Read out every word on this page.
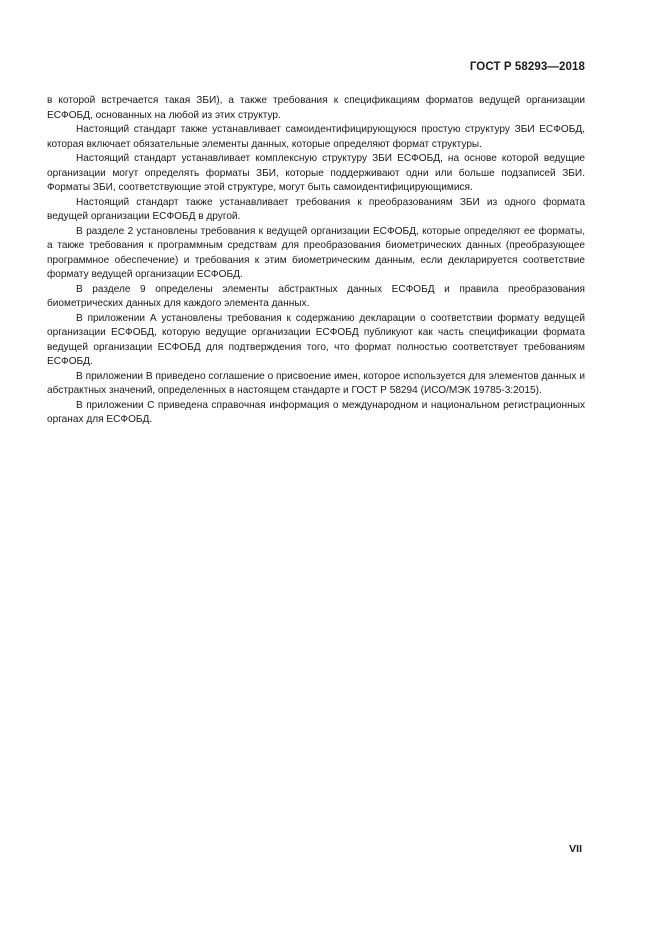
ГОСТ Р 58293—2018

в которой встречается такая ЗБИ), а также требования к спецификациям форматов ведущей организации ЕСФОБД, основанных на любой из этих структур.

Настоящий стандарт также устанавливает самоидентифицирующуюся простую структуру ЗБИ ЕСФОБД, которая включает обязательные элементы данных, которые определяют формат структуры.

Настоящий стандарт устанавливает комплексную структуру ЗБИ ЕСФОБД, на основе которой ведущие организации могут определять форматы ЗБИ, которые поддерживают одни или больше подзаписей ЗБИ. Форматы ЗБИ, соответствующие этой структуре, могут быть самоидентифицирующимися.

Настоящий стандарт также устанавливает требования к преобразованиям ЗБИ из одного формата ведущей организации ЕСФОБД в другой.

В разделе 2 установлены требования к ведущей организации ЕСФОБД, которые определяют ее форматы, а также требования к программным средствам для преобразования биометрических данных (преобразующее программное обеспечение) и требования к этим биометрическим данным, если декларируется соответствие формату ведущей организации ЕСФОБД.

В разделе 9 определены элементы абстрактных данных ЕСФОБД и правила преобразования биометрических данных для каждого элемента данных.

В приложении А установлены требования к содержанию декларации о соответствии формату ведущей организации ЕСФОБД, которую ведущие организации ЕСФОБД публикуют как часть спецификации формата ведущей организации ЕСФОБД для подтверждения того, что формат полностью соответствует требованиям ЕСФОБД.

В приложении В приведено соглашение о присвоение имен, которое используется для элементов данных и абстрактных значений, определенных в настоящем стандарте и ГОСТ Р 58294 (ИСО/МЭК 19785-3:2015).

В приложении С приведена справочная информация о международном и национальном регистрационных органах для ЕСФОБД.

VII
